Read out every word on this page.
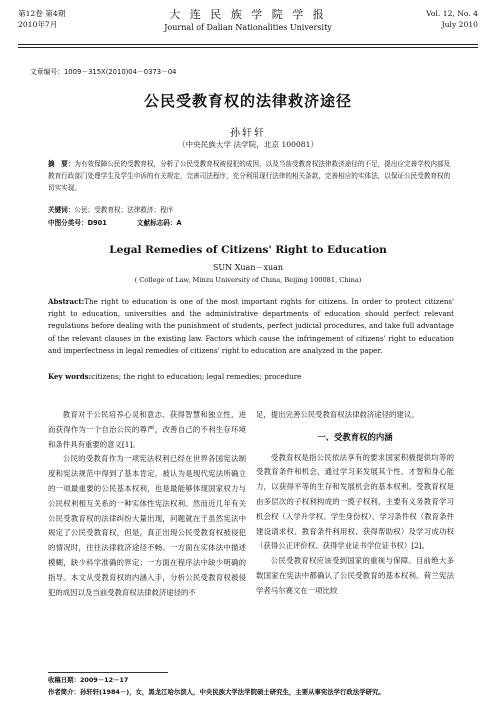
第12卷 第4期
2010年7月
大 连 民 族 学 院 学 报
Journal of Dalian Nationalities University
Vol. 12, No. 4
July 2010
文章编号：1009－315X(2010)04－0373－04
公民受教育权的法律救济途径
孙轩轩
（中央民族大学 法学院，北京 100081）
摘　要：为有效保障公民的受教育权，分析了公民受教育权被侵犯的成因，以及当前受教育权法律救济途径的不足，提出应完善学校内部及教育行政部门处理学生及学生申诉的有关规定，完善司法程序，充分利用现行法律的相关条款，完善相应的实体法，以保证公民受教育权的切实实现。
关键词：公民；受教育权；法律救济；程序
中图分类号：D901	文献标志码：A
Legal Remedies of Citizens' Right to Education
SUN Xuan－xuan
( College of Law, Minzu University of China, Beijing 100081, China)
Abstract:The right to education is one of the most important rights for citizens. In order to protect citizens' right to education, universities and the administrative departments of education should perfect relevant regulations before dealing with the punishment of students, perfect judicial procedures, and take full advantage of the relevant clauses in the existing law. Factors which cause the infringement of citizens' right to education and imperfectness in legal remedies of citizens' right to education are analyzed in the paper.
Key words:citizens; the right to education; legal remedies; procedure

教育对于公民培养心灵和意志、获得智慧和独立性，进而获得作为一个自治公民的尊严，改善自己的不利生存环境和条件具有重要的意义[1]。

公民的受教育作为一项宪法权利已经在世界各国宪法制度和宪法规范中得到了基本肯定，被认为是现代宪法所确立的一项最重要的公民基本权利，也是最能够体现国家权力与公民权利相互关系的一种实体性宪法权利。然而近几年有关公民受教育权的法律纠纷大量出现，问题就在于虽然宪法中规定了公民受教育权，但是，真正出现公民受教育权被侵犯的情况时，往往法律救济途径不畅。一方面在实体法中描述模糊，缺少科学准确的界定；一方面在程序法中缺少明确的指导。本文从受教育权的内涵入手，分析公民受教育权被侵犯的成因以及当前受教育权法律救济途径的不

足，提出完善公民受教育权法律救济途径的建议。

一、受教育权的内涵

受教育权是指公民依法享有的要求国家积极提供均等的受教育条件和机会，通过学习来发展其个性、才智和身心能力，以获得平等的生存和发展机会的基本权利。受教育权是由多层次的子权利构成的一揽子权利，主要有义务教育学习机会权（入学升学权、学生身份权）、学习条件权（教育条件建设请求权、教育条件利用权、获得帮助权）及学习成功权（获得公正评价权、获得学业证书学位证书权）[2]。

公民受教育权应该受到国家的重视与保障。目前绝大多数国家在宪法中都确认了公民受教育的基本权利。荷兰宪法学者马尔赛文在一项比较

收稿日期：2009－12－17
作者简介：孙轩轩(1984－)，女，黑龙江哈尔滨人，中央民族大学法学院硕士研究生，主要从事宪法学行政法学研究。
